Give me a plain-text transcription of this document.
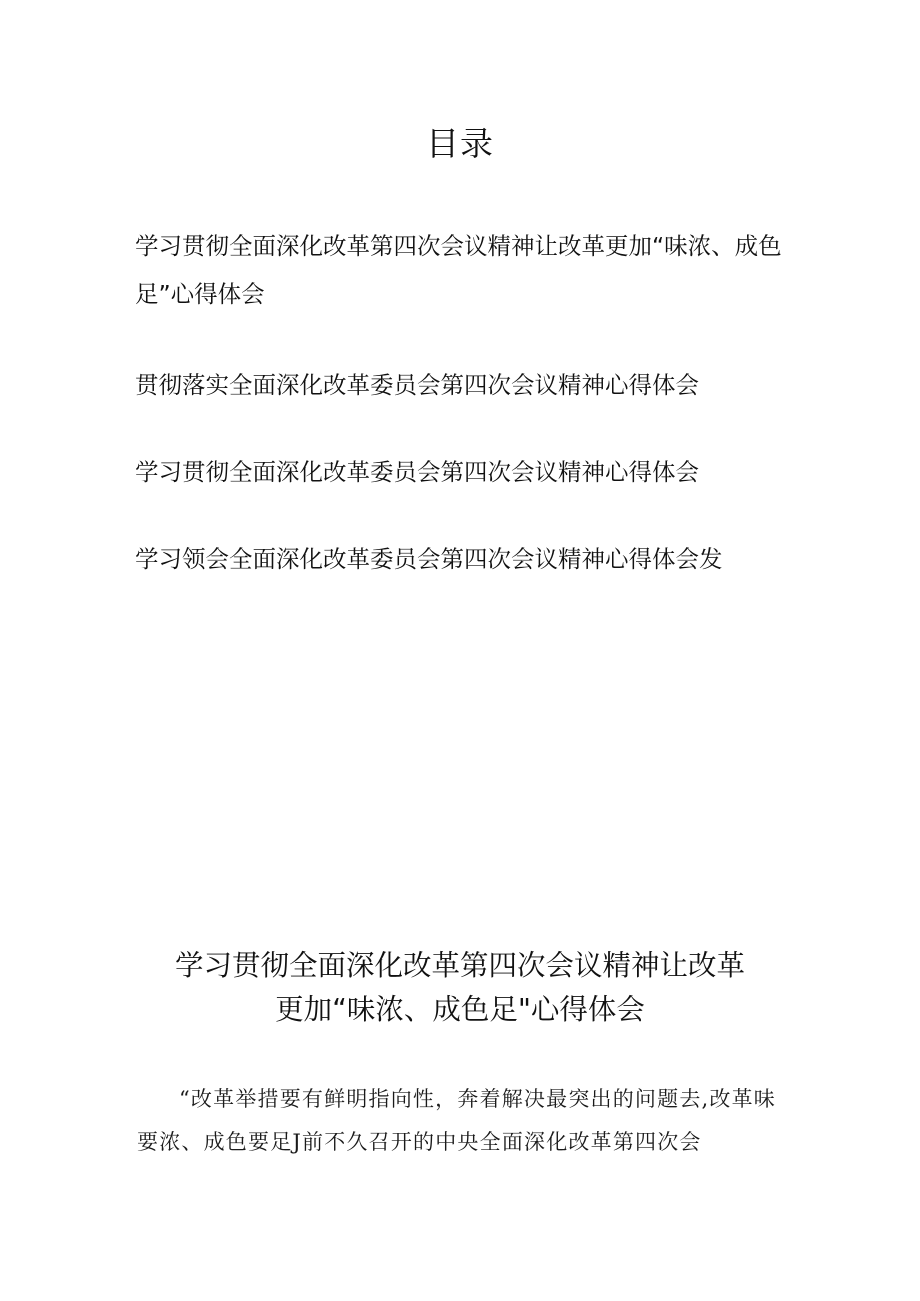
目录
学习贯彻全面深化改革第四次会议精神让改革更加“味浓、成色足”心得体会
贯彻落实全面深化改革委员会第四次会议精神心得体会
学习贯彻全面深化改革委员会第四次会议精神心得体会
学习领会全面深化改革委员会第四次会议精神心得体会发
学习贯彻全面深化改革第四次会议精神让改革
更加“味浓、成色足"心得体会

“改革举措要有鲜明指向性，奔着解决最突出的问题去,改革味要浓、成色要足J前不久召开的中央全面深化改革第四次会
